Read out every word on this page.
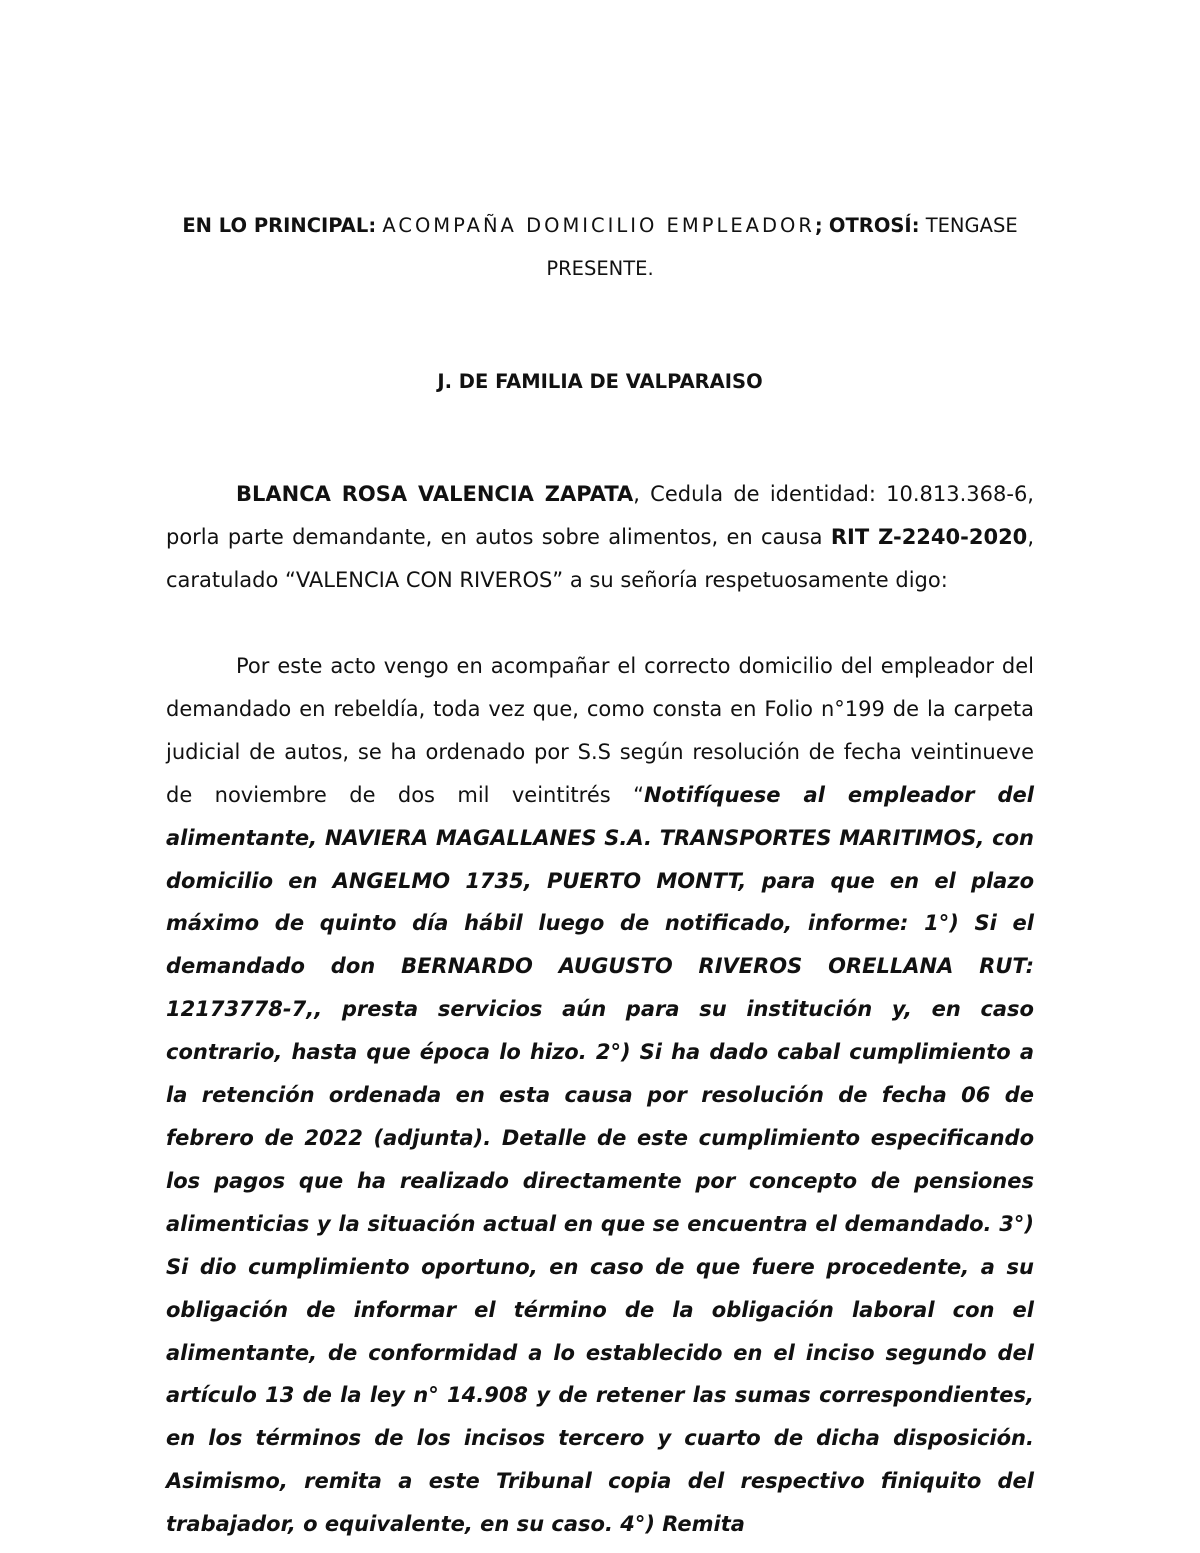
EN LO PRINCIPAL: ACOMPAÑA DOMICILIO EMPLEADOR; OTROSÍ: TENGASE PRESENTE.

J. DE FAMILIA DE VALPARAISO

BLANCA ROSA VALENCIA ZAPATA, Cedula de identidad: 10.813.368-6, porla parte demandante, en autos sobre alimentos, en causa RIT Z-2240-2020, caratulado “VALENCIA CON RIVEROS” a su señoría respetuosamente digo:

Por este acto vengo en acompañar el correcto domicilio del empleador del demandado en rebeldía, toda vez que, como consta en Folio n°199 de la carpeta judicial de autos, se ha ordenado por S.S según resolución de fecha veintinueve de noviembre de dos mil veintitrés “Notifíquese al empleador del alimentante, NAVIERA MAGALLANES S.A. TRANSPORTES MARITIMOS, con domicilio en ANGELMO 1735, PUERTO MONTT, para que en el plazo máximo de quinto día hábil luego de notificado, informe: 1°) Si el demandado don BERNARDO AUGUSTO RIVEROS ORELLANA RUT: 12173778-7,, presta servicios aún para su institución y, en caso contrario, hasta que época lo hizo. 2°) Si ha dado cabal cumplimiento a la retención ordenada en esta causa por resolución de fecha 06 de febrero de 2022 (adjunta). Detalle de este cumplimiento especificando los pagos que ha realizado directamente por concepto de pensiones alimenticias y la situación actual en que se encuentra el demandado. 3°) Si dio cumplimiento oportuno, en caso de que fuere procedente, a su obligación de informar el término de la obligación laboral con el alimentante, de conformidad a lo establecido en el inciso segundo del artículo 13 de la ley n° 14.908 y de retener las sumas correspondientes, en los términos de los incisos tercero y cuarto de dicha disposición. Asimismo, remita a este Tribunal copia del respectivo finiquito del trabajador, o equivalente, en su caso. 4°) Remita
